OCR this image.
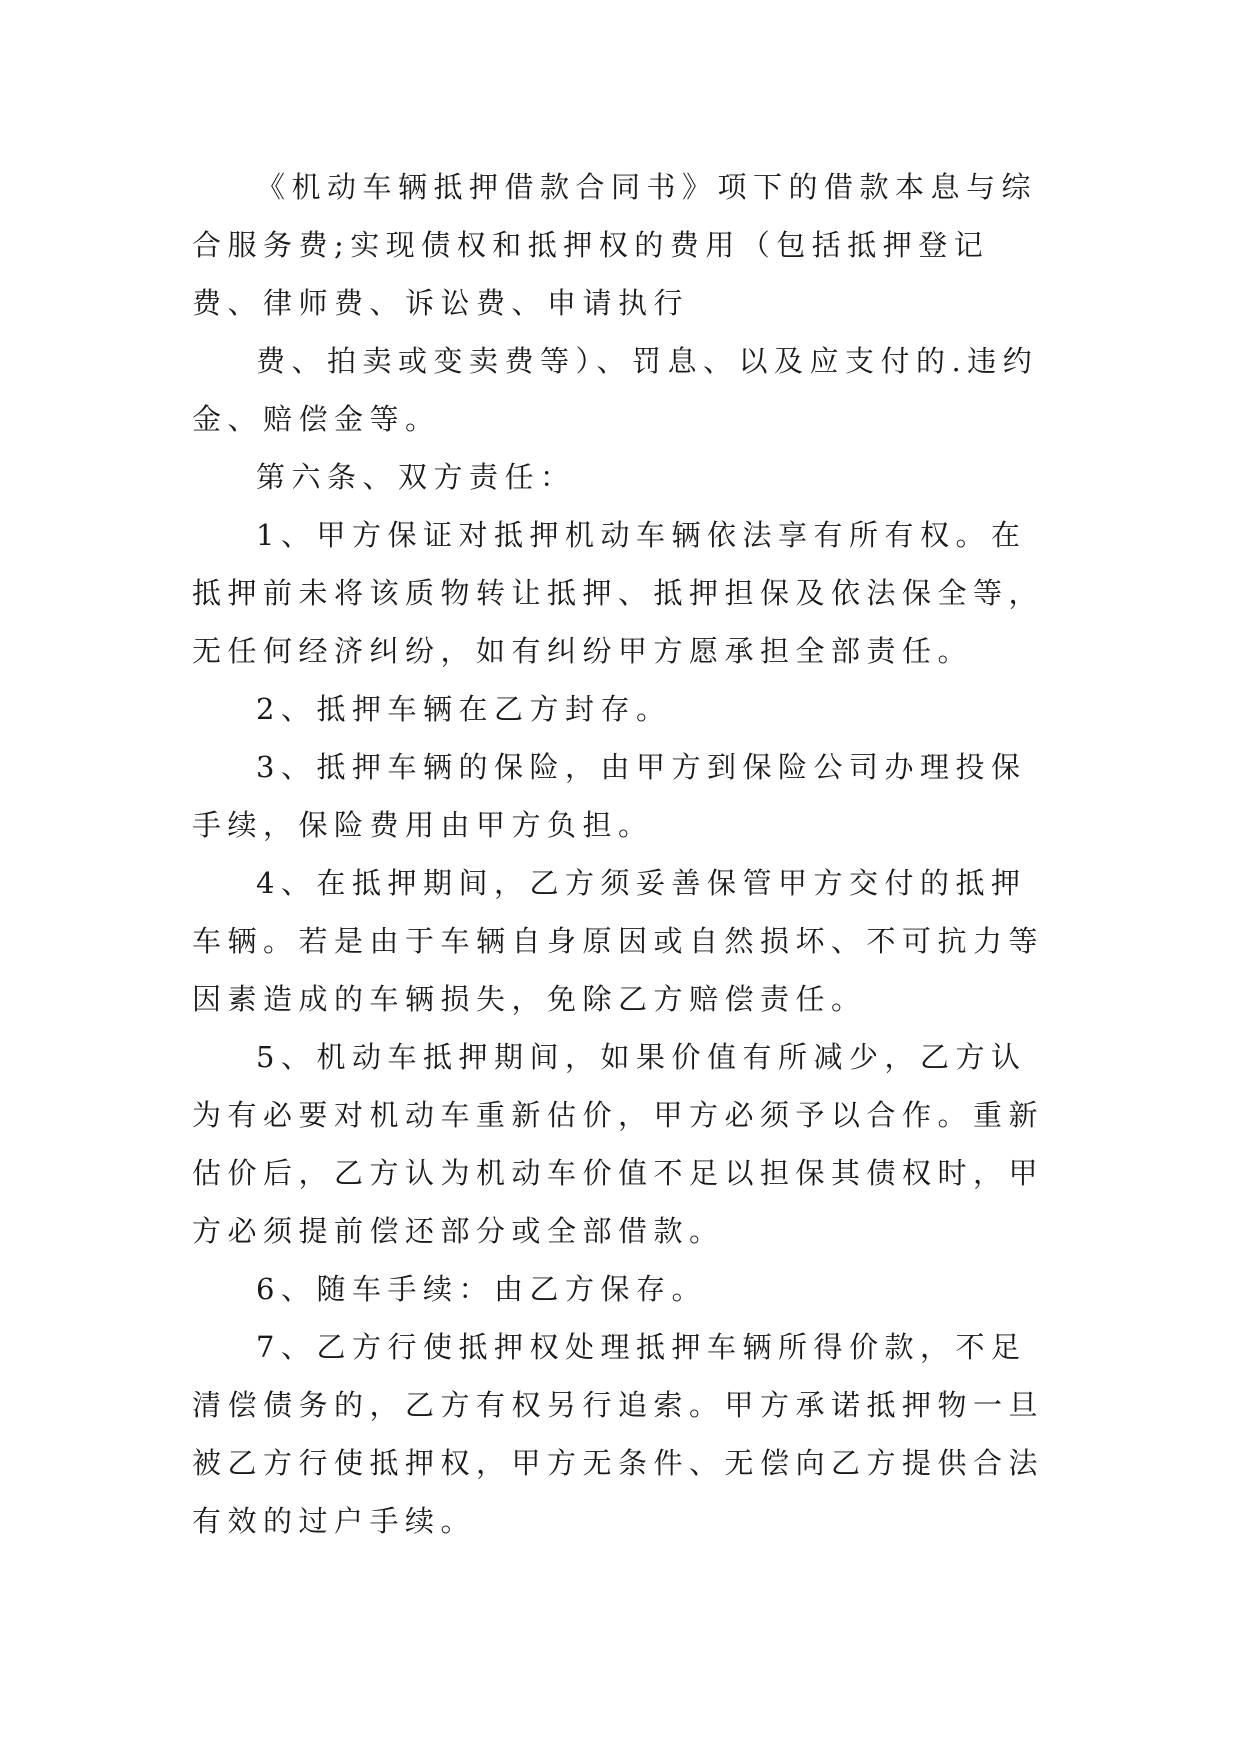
《机动车辆抵押借款合同书》项下的借款本息与综合服务费;实现债权和抵押权的费用（包括抵押登记费、律师费、诉讼费、申请执行

费、拍卖或变卖费等）、罚息、以及应支付的.违约金、赔偿金等。

第六条、双方责任：

1、甲方保证对抵押机动车辆依法享有所有权。在抵押前未将该质物转让抵押、抵押担保及依法保全等，无任何经济纠纷，如有纠纷甲方愿承担全部责任。

2、抵押车辆在乙方封存。

3、抵押车辆的保险，由甲方到保险公司办理投保手续，保险费用由甲方负担。

4、在抵押期间，乙方须妥善保管甲方交付的抵押车辆。若是由于车辆自身原因或自然损坏、不可抗力等因素造成的车辆损失，免除乙方赔偿责任。

5、机动车抵押期间，如果价值有所减少，乙方认为有必要对机动车重新估价，甲方必须予以合作。重新估价后，乙方认为机动车价值不足以担保其债权时，甲方必须提前偿还部分或全部借款。

6、随车手续：由乙方保存。

7、乙方行使抵押权处理抵押车辆所得价款，不足清偿债务的，乙方有权另行追索。甲方承诺抵押物一旦被乙方行使抵押权，甲方无条件、无偿向乙方提供合法有效的过户手续。
